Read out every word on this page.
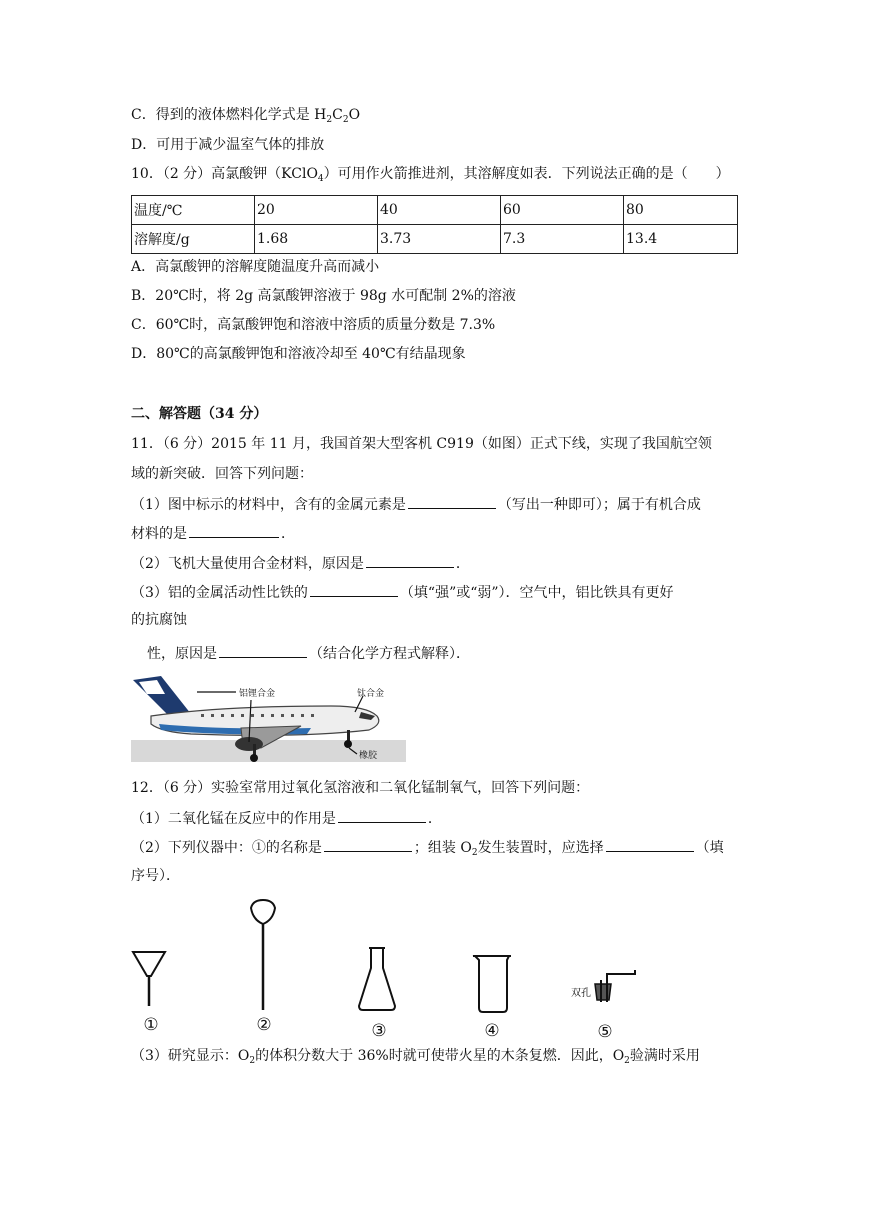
C．得到的液体燃料化学式是 $H_2C_2O$
D．可用于减少温室气体的排放
10．（2 分）高氯酸钾（KClO$_4$）可用作火箭推进剂，其溶解度如表．下列说法正确的是（　　）
温度/℃	20	40	60	80
溶解度/g	1.68	3.73	7.3	13.4
A．高氯酸钾的溶解度随温度升高而减小
B．20℃时，将 2g 高氯酸钾溶液于 98g 水可配制 2%的溶液
C．60℃时，高氯酸钾饱和溶液中溶质的质量分数是 7.3%
D．80℃的高氯酸钾饱和溶液冷却至 40℃有结晶现象
二、解答题（34 分）
11．（6 分）2015 年 11 月，我国首架大型客机 C919（如图）正式下线，实现了我国航空领
域的新突破．回答下列问题：
（1）图中标示的材料中，含有的金属元素是	（写出一种即可）；属于有机合成
材料的是	．
（2）飞机大量使用合金材料，原因是	．
（3）铝的金属活动性比铁的	（填“强”或“弱”）．空气中，铝比铁具有更好
的抗腐蚀
性，原因是	（结合化学方程式解释）．
铝锂合金	钛合金
橡胶
12．（6 分）实验室常用过氧化氢溶液和二氧化锰制氧气，回答下列问题：
（1）二氧化锰在反应中的作用是	．
（2）下列仪器中：①的名称是	；组装 $O_2$发生装置时，应选择	（填
序号）．
①	②	③	④	⑤
双孔
（3）研究显示：$O_2$的体积分数大于 36%时就可使带火星的木条复燃．因此，$O_2$验满时采用
